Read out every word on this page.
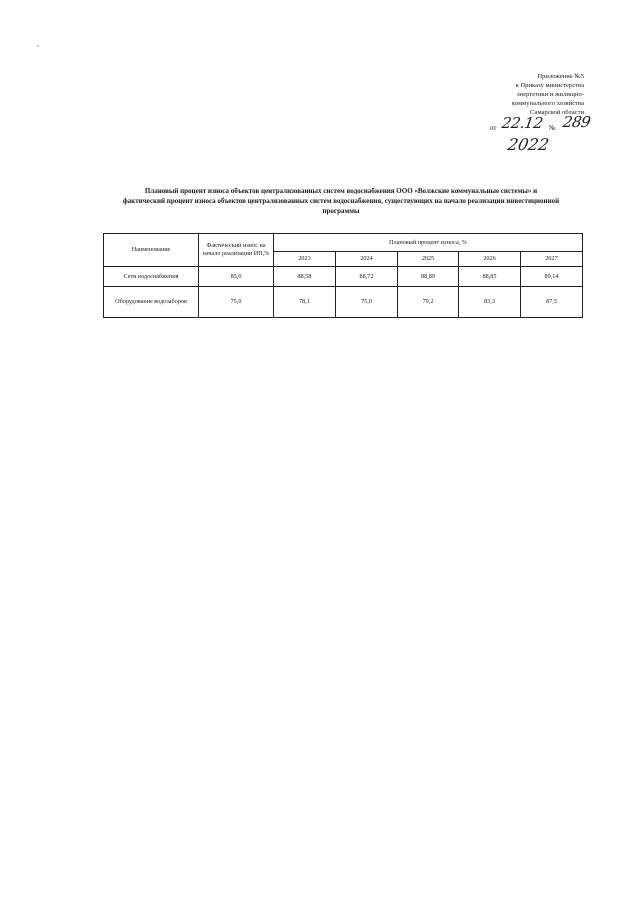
Приложение №5
к Приказу министерства
энергетики и жилищно-
коммунального хозяйства
Самарской области
от 22.12 № 289
2022
Плановый процент износа объектов централизованных систем водоснабжения ООО «Волжские коммунальные системы» и
фактический процент износа объектов централизованных систем водоснабжения, существующих на начало реализации инвестиционной
программы
Наименование	Фактический износ на начало реализации ИП,%	Плановый процент износа, %				
		2023	2024	2025	2026	2027
Сети водоснабжения	85,0	88,58	88,72	88,89	88,85	89,14
Оборудование водозаборов	75,0	78,1	75,0	79,2	83,3	87,5
